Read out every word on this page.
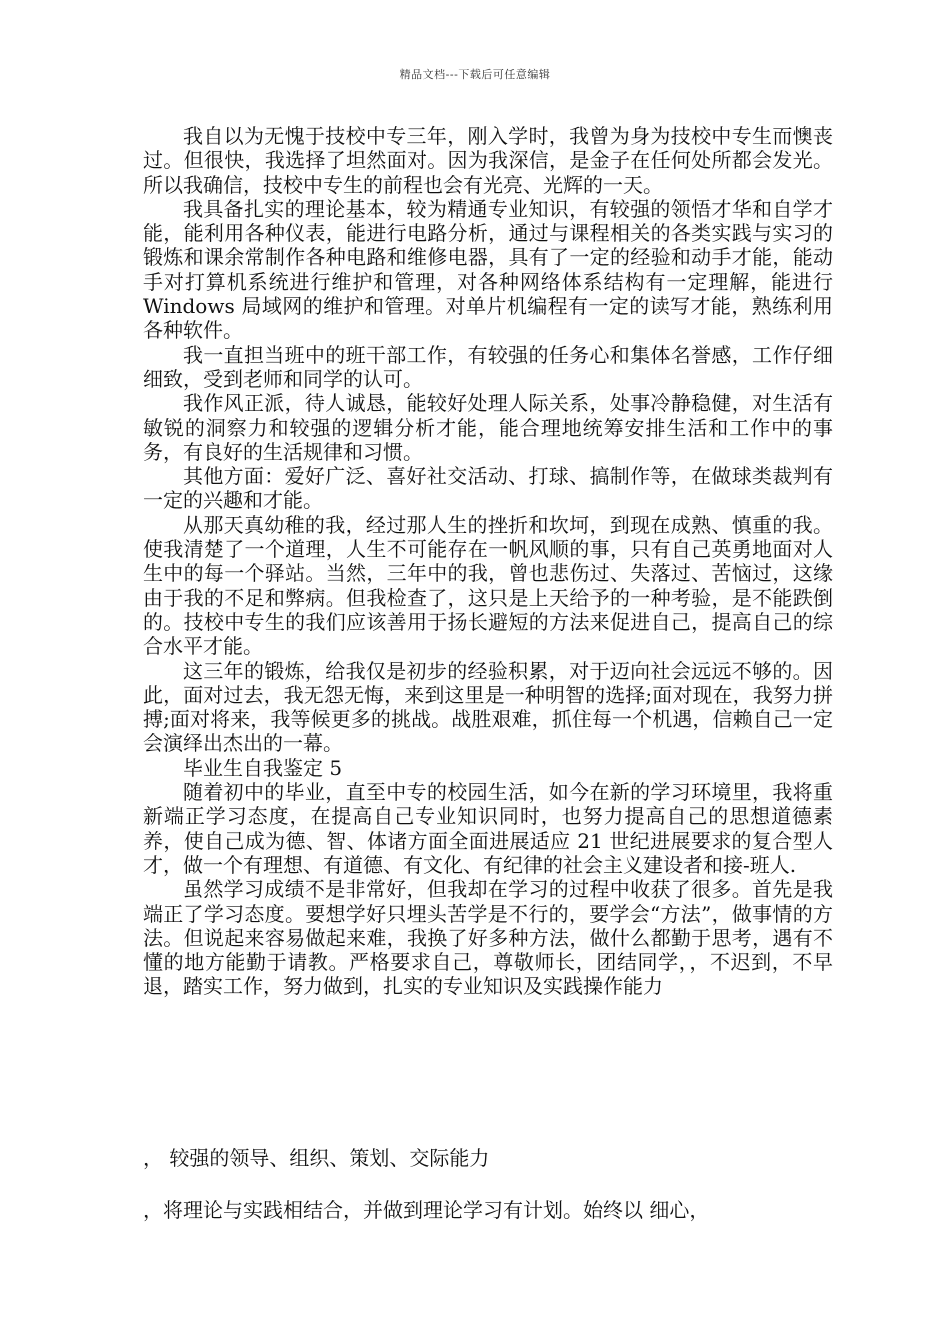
精品文档---下载后可任意编辑

我自以为无愧于技校中专三年，刚入学时，我曾为身为技校中专生而懊丧过。但很快，我选择了坦然面对。因为我深信，是金子在任何处所都会发光。所以我确信，技校中专生的前程也会有光亮、光辉的一天。

我具备扎实的理论基本，较为精通专业知识，有较强的领悟才华和自学才能，能利用各种仪表，能进行电路分析，通过与课程相关的各类实践与实习的锻炼和课余常制作各种电路和维修电器，具有了一定的经验和动手才能，能动手对打算机系统进行维护和管理，对各种网络体系结构有一定理解，能进行 Windows 局域网的维护和管理。对单片机编程有一定的读写才能，熟练利用各种软件。

我一直担当班中的班干部工作，有较强的任务心和集体名誉感，工作仔细细致，受到老师和同学的认可。

我作风正派，待人诚恳，能较好处理人际关系，处事冷静稳健，对生活有敏锐的洞察力和较强的逻辑分析才能，能合理地统筹安排生活和工作中的事务，有良好的生活规律和习惯。

其他方面：爱好广泛、喜好社交活动、打球、搞制作等，在做球类裁判有一定的兴趣和才能。

从那天真幼稚的我，经过那人生的挫折和坎坷，到现在成熟、慎重的我。使我清楚了一个道理，人生不可能存在一帆风顺的事，只有自己英勇地面对人生中的每一个驿站。当然，三年中的我，曾也悲伤过、失落过、苦恼过，这缘由于我的不足和弊病。但我检查了，这只是上天给予的一种考验，是不能跌倒的。技校中专生的我们应该善用于扬长避短的方法来促进自己，提高自己的综合水平才能。

这三年的锻炼，给我仅是初步的经验积累，对于迈向社会远远不够的。因此，面对过去，我无怨无悔，来到这里是一种明智的选择;面对现在，我努力拼搏;面对将来，我等候更多的挑战。战胜艰难，抓住每一个机遇，信赖自己一定会演绎出杰出的一幕。

毕业生自我鉴定 5

随着初中的毕业，直至中专的校园生活，如今在新的学习环境里，我将重新端正学习态度，在提高自己专业知识同时，也努力提高自己的思想道德素养，使自己成为德、智、体诸方面全面进展适应 21 世纪进展要求的复合型人才，做一个有理想、有道德、有文化、有纪律的社会主义建设者和接-班人.

虽然学习成绩不是非常好，但我却在学习的过程中收获了很多。首先是我端正了学习态度。要想学好只埋头苦学是不行的，要学会“方法”，做事情的方法。但说起来容易做起来难，我换了好多种方法，做什么都勤于思考，遇有不懂的地方能勤于请教。严格要求自己，尊敬师长，团结同学，，不迟到，不早退，踏实工作，努力做到，扎实的专业知识及实践操作能力

， 较强的领导、组织、策划、交际能力
，将理论与实践相结合，并做到理论学习有计划。始终以 细心，
